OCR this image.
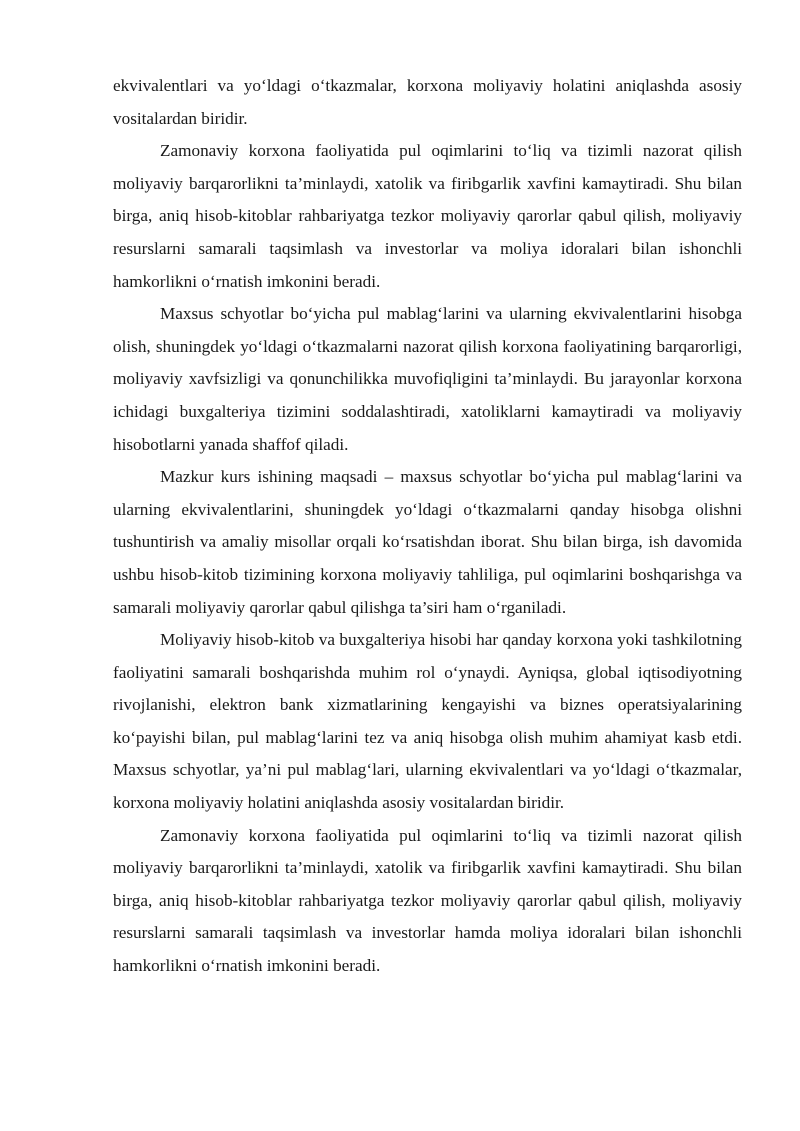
ekvivalentlari va yo‘ldagi o‘tkazmalar, korxona moliyaviy holatini aniqlashda asosiy vositalardan biridir.

Zamonaviy korxona faoliyatida pul oqimlarini to‘liq va tizimli nazorat qilish moliyaviy barqarorlikni ta’minlaydi, xatolik va firibgarlik xavfini kamaytiradi. Shu bilan birga, aniq hisob-kitoblar rahbariyatga tezkor moliyaviy qarorlar qabul qilish, moliyaviy resurslarni samarali taqsimlash va investorlar va moliya idoralari bilan ishonchli hamkorlikni o‘rnatish imkonini beradi.

Maxsus schyotlar bo‘yicha pul mablag‘larini va ularning ekvivalentlarini hisobga olish, shuningdek yo‘ldagi o‘tkazmalarni nazorat qilish korxona faoliyatining barqarorligi, moliyaviy xavfsizligi va qonunchilikka muvofiqligini ta’minlaydi. Bu jarayonlar korxona ichidagi buxgalteriya tizimini soddalashtiradi, xatoliklarni kamaytiradi va moliyaviy hisobotlarni yanada shaffof qiladi.

Mazkur kurs ishining maqsadi – maxsus schyotlar bo‘yicha pul mablag‘larini va ularning ekvivalentlarini, shuningdek yo‘ldagi o‘tkazmalarni qanday hisobga olishni tushuntirish va amaliy misollar orqali ko‘rsatishdan iborat. Shu bilan birga, ish davomida ushbu hisob-kitob tizimining korxona moliyaviy tahliliga, pul oqimlarini boshqarishga va samarali moliyaviy qarorlar qabul qilishga ta’siri ham o‘rganiladi.

Moliyaviy hisob-kitob va buxgalteriya hisobi har qanday korxona yoki tashkilotning faoliyatini samarali boshqarishda muhim rol o‘ynaydi. Ayniqsa, global iqtisodiyotning rivojlanishi, elektron bank xizmatlarining kengayishi va biznes operatsiyalarining ko‘payishi bilan, pul mablag‘larini tez va aniq hisobga olish muhim ahamiyat kasb etdi. Maxsus schyotlar, ya’ni pul mablag‘lari, ularning ekvivalentlari va yo‘ldagi o‘tkazmalar, korxona moliyaviy holatini aniqlashda asosiy vositalardan biridir.

Zamonaviy korxona faoliyatida pul oqimlarini to‘liq va tizimli nazorat qilish moliyaviy barqarorlikni ta’minlaydi, xatolik va firibgarlik xavfini kamaytiradi. Shu bilan birga, aniq hisob-kitoblar rahbariyatga tezkor moliyaviy qarorlar qabul qilish, moliyaviy resurslarni samarali taqsimlash va investorlar hamda moliya idoralari bilan ishonchli hamkorlikni o‘rnatish imkonini beradi.
